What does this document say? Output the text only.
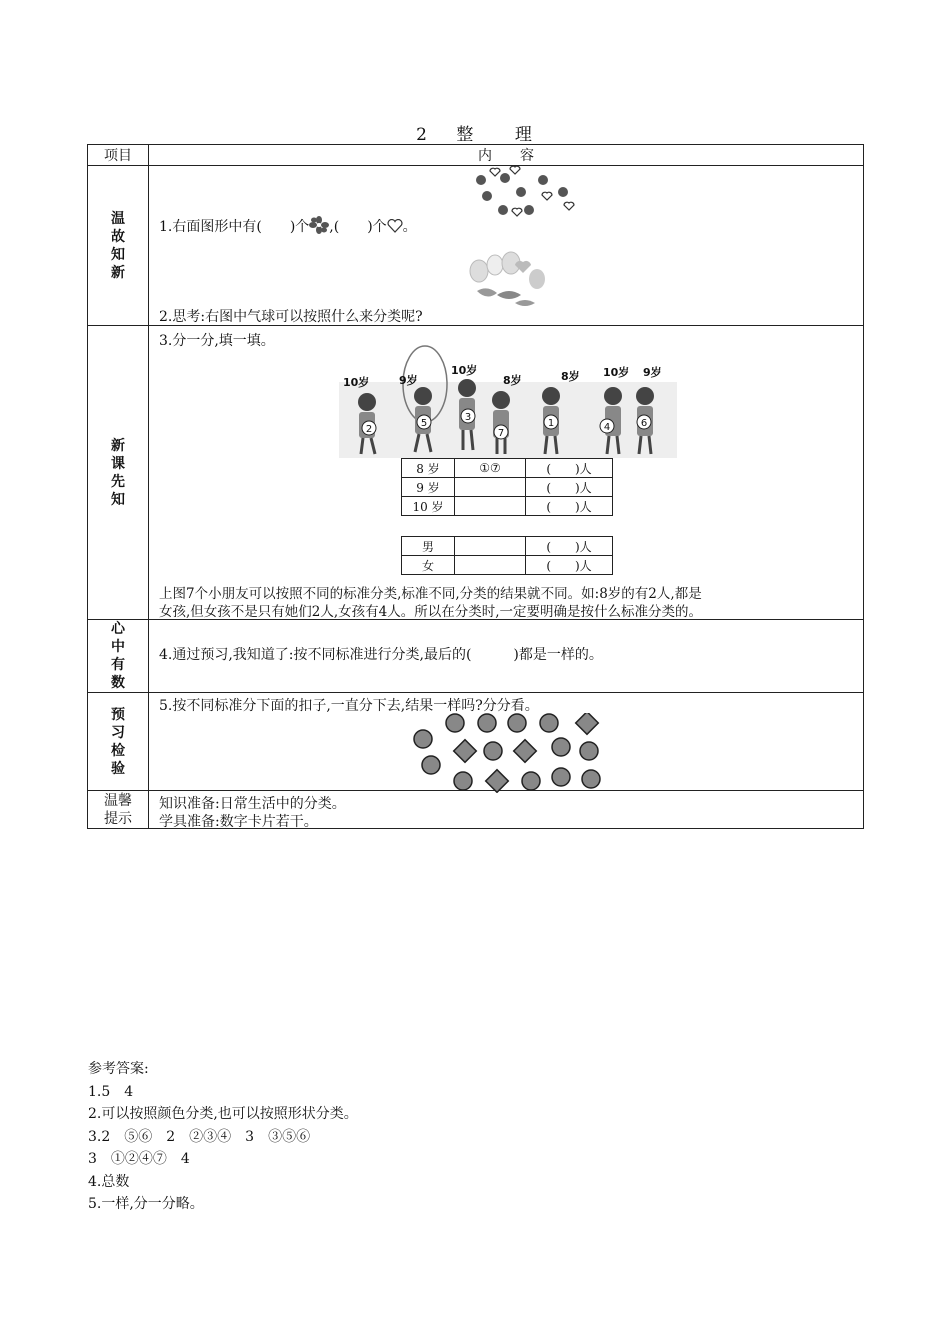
2 整 理
项目	内　　容
温故知新	
1.右面图形中有(　　)个 ,(　　)个 。
2.思考:右图中气球可以按照什么来分类呢?

新课先知	
3.分一分,填一填。
10岁	9岁
10岁
8岁	8岁 10岁 9岁
2
5
3
7
1	4	6
8 岁	①⑦	(　　)人
9 岁		(　　)人
10 岁		(　　)人
男		(　　)人
女		(　　)人
上图7个小朋友可以按照不同的标准分类,标准不同,分类的结果就不同。如:8岁的有2人,都是
女孩,但女孩不是只有她们2人,女孩有4人。所以在分类时,一定要明确是按什么标准分类的。

心中有数	
4.通过预习,我知道了:按不同标准进行分类,最后的(　　　)都是一样的。

预习检验	
5.按不同标准分下面的扣子,一直分下去,结果一样吗?分分看。

温馨提示	
知识准备:日常生活中的分类。
学具准备:数字卡片若干。
参考答案:
1.5　4
2.可以按照颜色分类,也可以按照形状分类。
3.2　⑤⑥　2　②③④　3　③⑤⑥
3　①②④⑦　4
4.总数
5.一样,分一分略。
